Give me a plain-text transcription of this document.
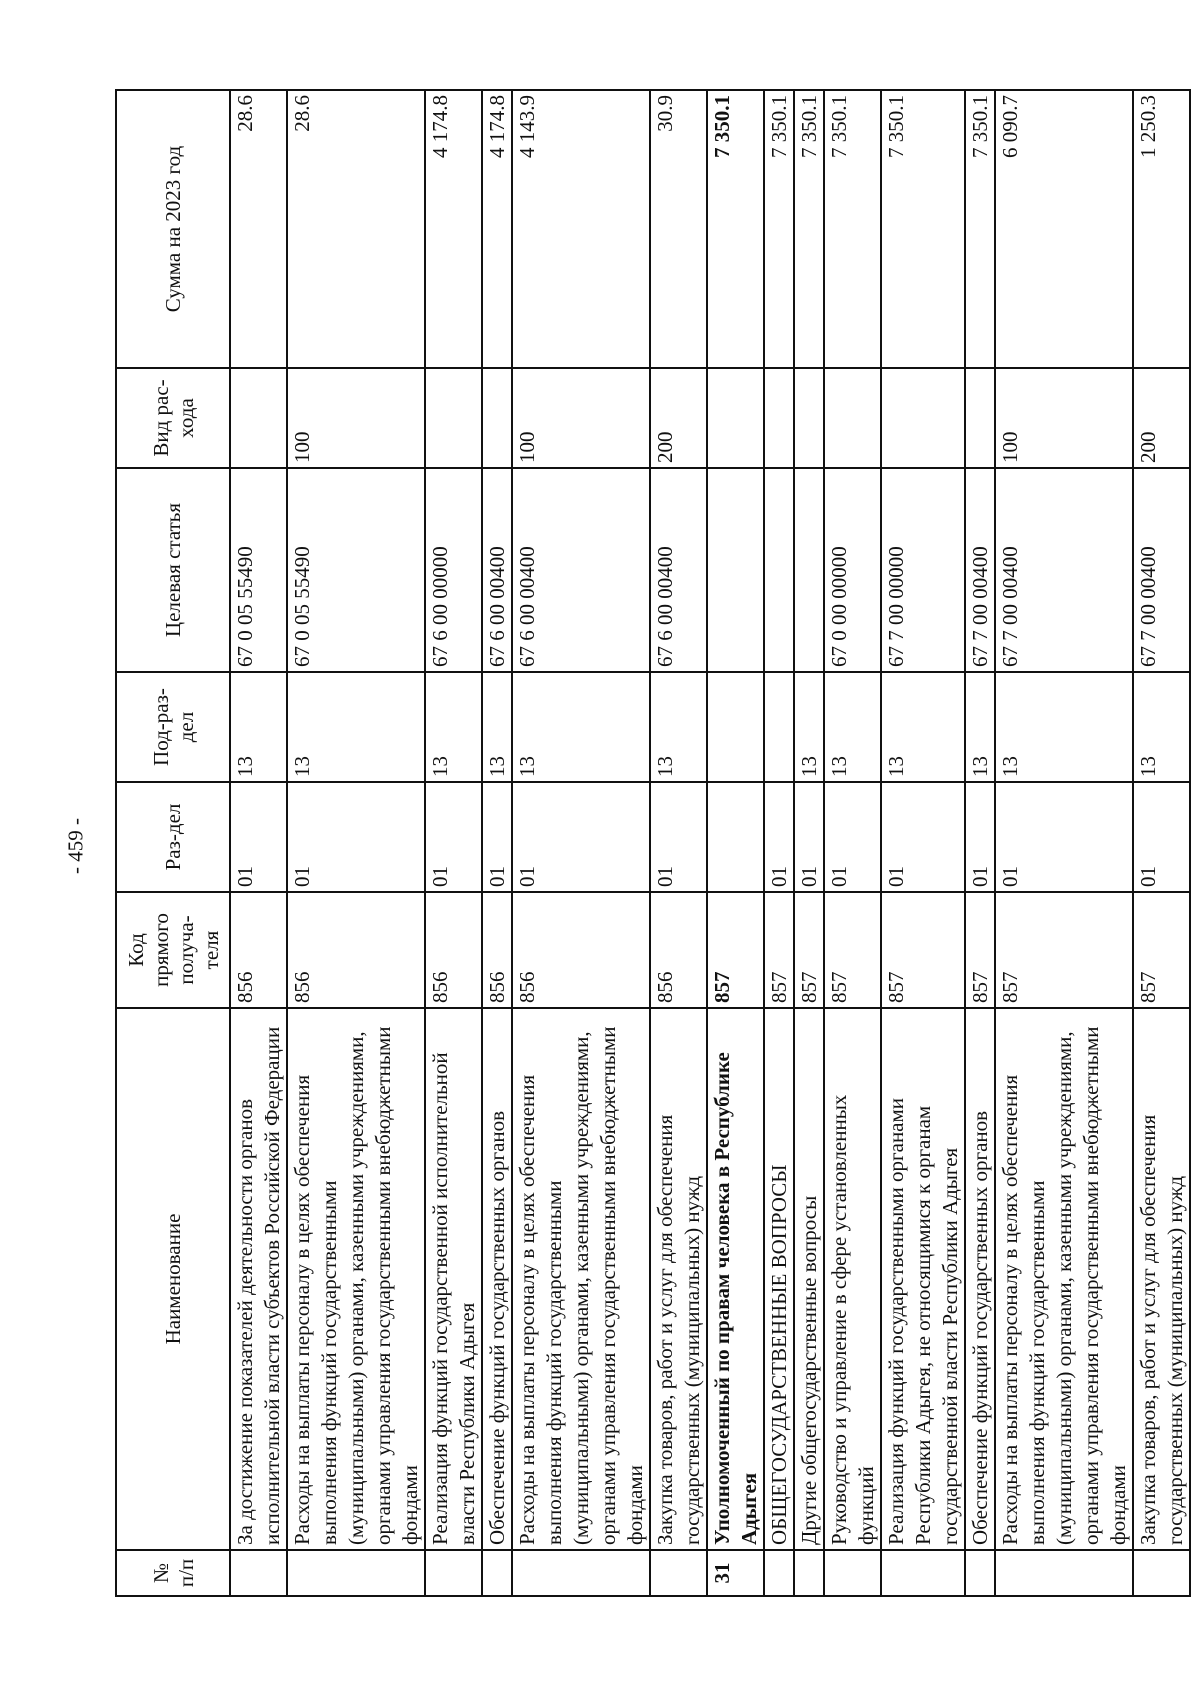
- 459 -
№ п/п	Наименование	Код прямого получа-теля	Раз-дел	Под-раз-дел	Целевая статья	Вид рас-хода	Сумма на 2023 год
	За достижение показателей деятельности органов исполнительной власти субъектов Российской Федерации	856	01	13	67 0 05 55490		28.6
	Расходы на выплаты персоналу в целях обеспечения выполнения функций государственными (муниципальными) органами, казенными учреждениями, органами управления государственными внебюджетными фондами	856	01	13	67 0 05 55490	100	28.6
	Реализация функций государственной исполнительной власти Республики Адыгея	856	01	13	67 6 00 00000		4 174.8
	Обеспечение функций государственных органов	856	01	13	67 6 00 00400		4 174.8
	Расходы на выплаты персоналу в целях обеспечения выполнения функций государственными (муниципальными) органами, казенными учреждениями, органами управления государственными внебюджетными фондами	856	01	13	67 6 00 00400	100	4 143.9
	Закупка товаров, работ и услуг для обеспечения государственных (муниципальных) нужд	856	01	13	67 6 00 00400	200	30.9
31	Уполномоченный по правам человека в Республике Адыгея	857					7 350.1
	ОБЩЕГОСУДАРСТВЕННЫЕ ВОПРОСЫ	857	01				7 350.1
	Другие общегосударственные вопросы	857	01	13			7 350.1
	Руководство и управление в сфере установленных функций	857	01	13	67 0 00 00000		7 350.1
	Реализация функций государственными органами Республики Адыгея, не относящимися к органам государственной власти Республики Адыгея	857	01	13	67 7 00 00000		7 350.1
	Обеспечение функций государственных органов	857	01	13	67 7 00 00400		7 350.1
	Расходы на выплаты персоналу в целях обеспечения выполнения функций государственными (муниципальными) органами, казенными учреждениями, органами управления государственными внебюджетными фондами	857	01	13	67 7 00 00400	100	6 090.7
	Закупка товаров, работ и услуг для обеспечения государственных (муниципальных) нужд	857	01	13	67 7 00 00400	200	1 250.3
